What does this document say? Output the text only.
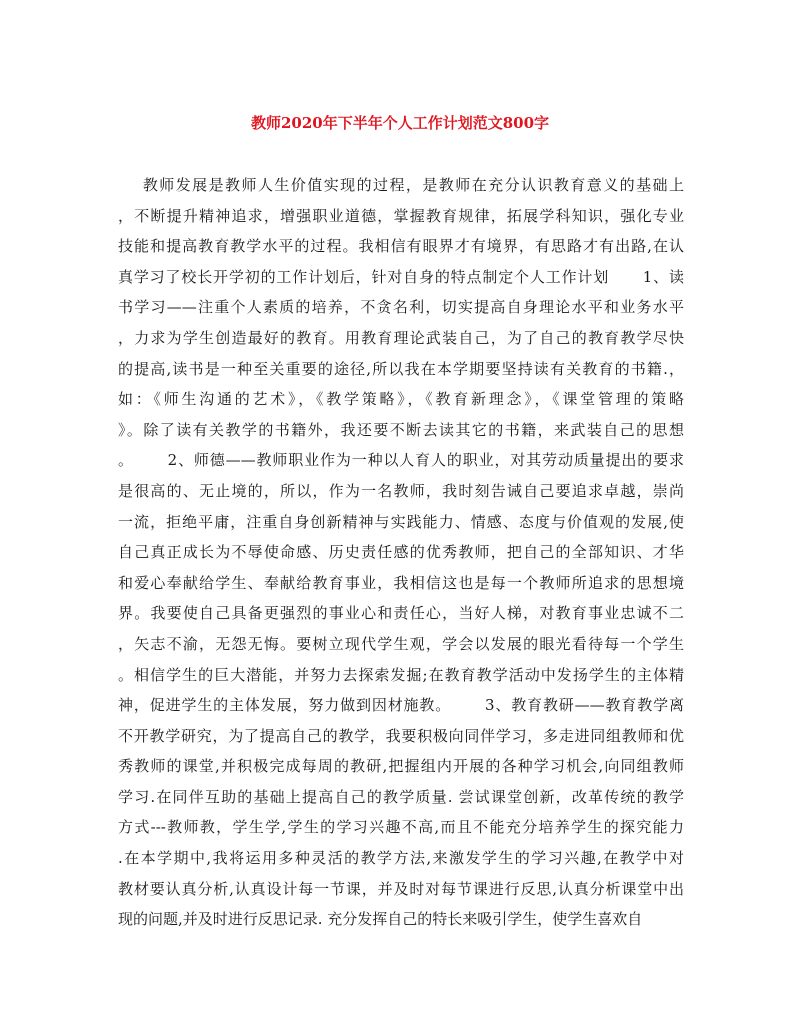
教师2020年下半年个人工作计划范文800字
教师发展是教师人生价值实现的过程，是教师在充分认识教育意义的基础上
，不断提升精神追求，增强职业道德，掌握教育规律，拓展学科知识，强化专业
技能和提高教育教学水平的过程。我相信有眼界才有境界，有思路才有出路,在认
真学习了校长开学初的工作计划后，针对自身的特点制定个人工作计划      1、读
书学习——注重个人素质的培养，不贪名利，切实提高自身理论水平和业务水平
，力求为学生创造最好的教育。用教育理论武装自己，为了自己的教育教学尽快
的提高,读书是一种至关重要的途径,所以我在本学期要坚持读有关教育的书籍.，
如：《师生沟通的艺术》，《教学策略》，《教育新理念》，《课堂管理的策略
》。除了读有关教学的书籍外，我还要不断去读其它的书籍，来武装自己的思想
。      2、师德——教师职业作为一种以人育人的职业，对其劳动质量提出的要求
是很高的、无止境的，所以，作为一名教师，我时刻告诫自己要追求卓越，崇尚
一流，拒绝平庸，注重自身创新精神与实践能力、情感、态度与价值观的发展,使
自己真正成长为不辱使命感、历史责任感的优秀教师，把自己的全部知识、才华
和爱心奉献给学生、奉献给教育事业，我相信这也是每一个教师所追求的思想境
界。我要使自己具备更强烈的事业心和责任心，当好人梯，对教育事业忠诚不二
，矢志不渝，无怨无悔。要树立现代学生观，学会以发展的眼光看待每一个学生
。相信学生的巨大潜能，并努力去探索发掘;在教育教学活动中发扬学生的主体精
神，促进学生的主体发展，努力做到因材施教。      3、教育教研——教育教学离
不开教学研究，为了提高自己的教学，我要积极向同伴学习，多走进同组教师和优
秀教师的课堂,并积极完成每周的教研,把握组内开展的各种学习机会,向同组教师
学习.在同伴互助的基础上提高自己的教学质量. 尝试课堂创新，改革传统的教学
方式---教师教，学生学,学生的学习兴趣不高,而且不能充分培养学生的探究能力
.在本学期中,我将运用多种灵活的教学方法,来激发学生的学习兴趣,在教学中对
教材要认真分析,认真设计每一节课，并及时对每节课进行反思,认真分析课堂中出
现的问题,并及时进行反思记录. 充分发挥自己的特长来吸引学生，使学生喜欢自
